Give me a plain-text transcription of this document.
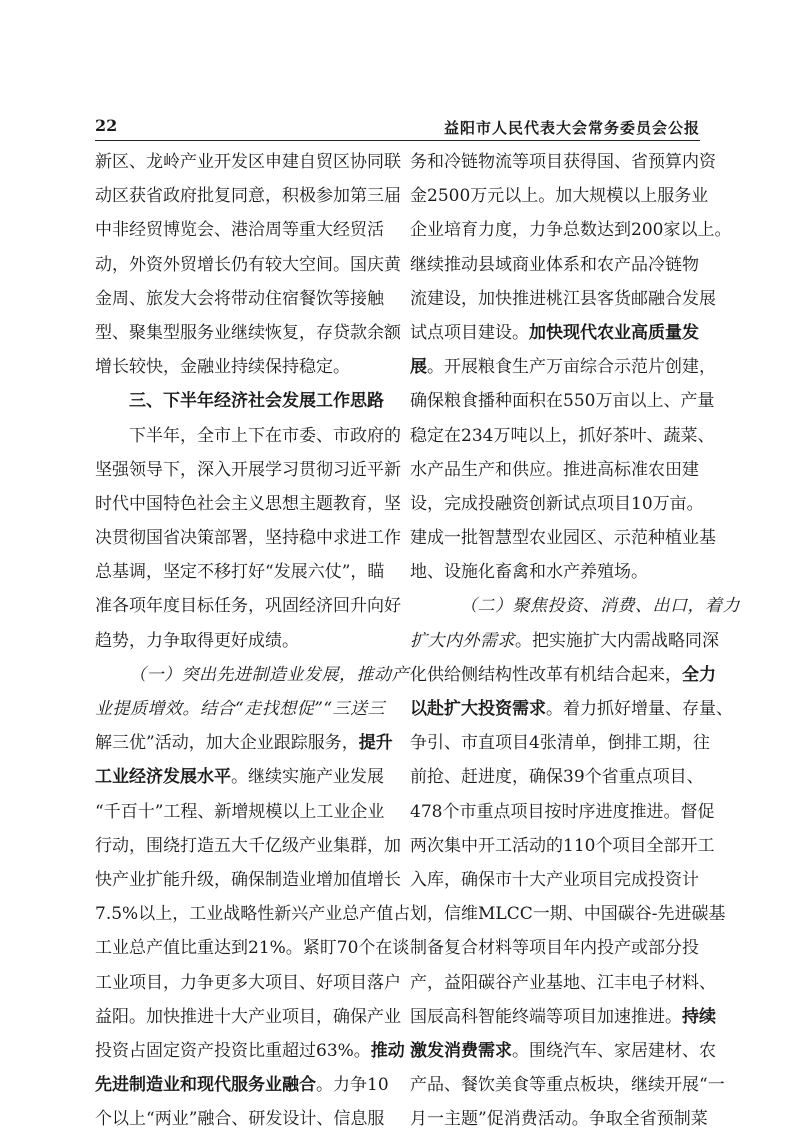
22	益阳市人民代表大会常务委员会公报
新区、龙岭产业开发区申建自贸区协同联
动区获省政府批复同意，积极参加第三届
中非经贸博览会、港洽周等重大经贸活
动，外资外贸增长仍有较大空间。国庆黄
金周、旅发大会将带动住宿餐饮等接触
型、聚集型服务业继续恢复，存贷款余额
增长较快，金融业持续保持稳定。
三、下半年经济社会发展工作思路
下半年，全市上下在市委、市政府的
坚强领导下，深入开展学习贯彻习近平新
时代中国特色社会主义思想主题教育，坚
决贯彻国省决策部署，坚持稳中求进工作
总基调，坚定不移打好“发展六仗”，瞄
准各项年度目标任务，巩固经济回升向好
趋势，力争取得更好成绩。
（一）突出先进制造业发展，推动产
业提质增效。结合“走找想促”“三送三
解三优”活动，加大企业跟踪服务，提升
工业经济发展水平。继续实施产业发展
“千百十”工程、新增规模以上工业企业
行动，围绕打造五大千亿级产业集群，加
快产业扩能升级，确保制造业增加值增长
7.5%以上，工业战略性新兴产业总产值占
工业总产值比重达到21%。紧盯70个在谈
工业项目，力争更多大项目、好项目落户
益阳。加快推进十大产业项目，确保产业
投资占固定资产投资比重超过63%。推动
先进制造业和现代服务业融合。力争10
个以上“两业”融合、研发设计、信息服
务和冷链物流等项目获得国、省预算内资
金2500万元以上。加大规模以上服务业
企业培育力度，力争总数达到200家以上。
继续推动县域商业体系和农产品冷链物
流建设，加快推进桃江县客货邮融合发展
试点项目建设。加快现代农业高质量发
展。开展粮食生产万亩综合示范片创建，
确保粮食播种面积在550万亩以上、产量
稳定在234万吨以上，抓好茶叶、蔬菜、
水产品生产和供应。推进高标准农田建
设，完成投融资创新试点项目10万亩。
建成一批智慧型农业园区、示范种植业基
地、设施化畜禽和水产养殖场。
（二）聚焦投资、消费、出口，着力
扩大内外需求。把实施扩大内需战略同深
化供给侧结构性改革有机结合起来，全力
以赴扩大投资需求。着力抓好增量、存量、
争引、市直项目4张清单，倒排工期，往
前抢、赶进度，确保39个省重点项目、
478个市重点项目按时序进度推进。督促
两次集中开工活动的110个项目全部开工
入库，确保市十大产业项目完成投资计
划，信维MLCC一期、中国碳谷-先进碳基
制备复合材料等项目年内投产或部分投
产，益阳碳谷产业基地、江丰电子材料、
国辰高科智能终端等项目加速推进。持续
激发消费需求。围绕汽车、家居建材、农
产品、餐饮美食等重点板块，继续开展“一
月一主题”促消费活动。争取全省预制菜
